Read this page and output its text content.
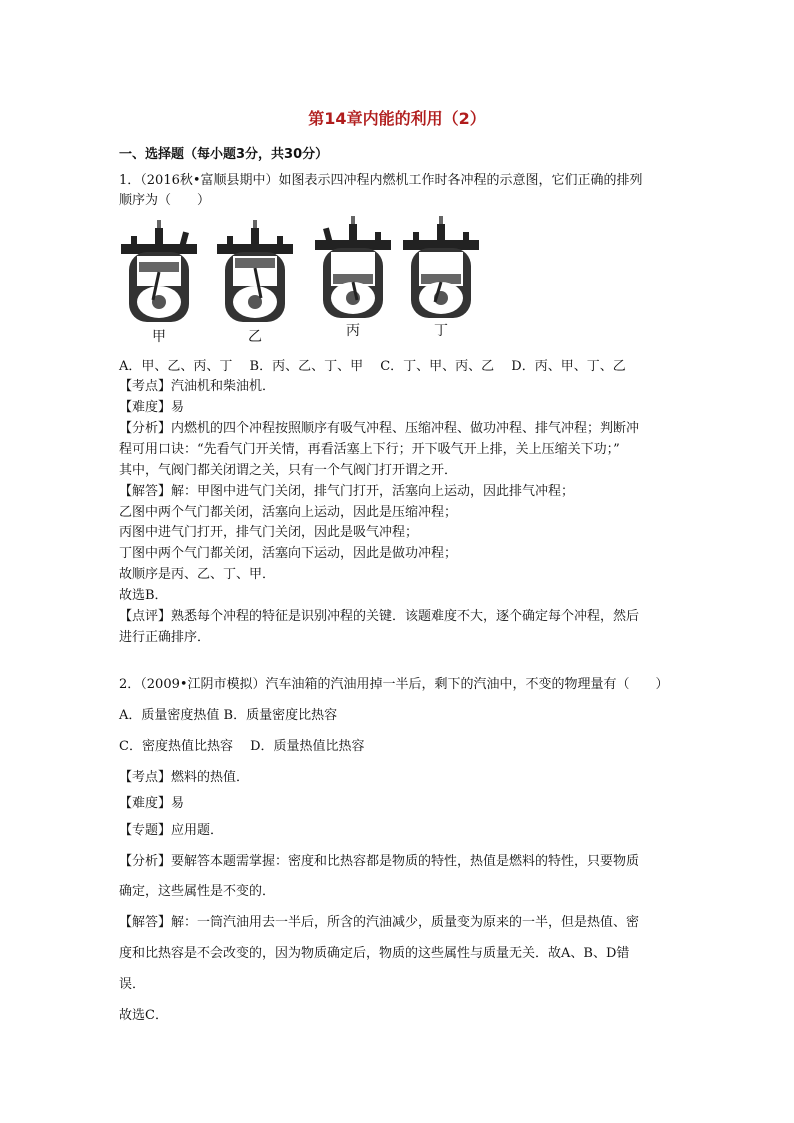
第14章内能的利用（2）
一、选择题（每小题3分，共30分）
1．（2016秋•富顺县期中）如图表示四冲程内燃机工作时各冲程的示意图，它们正确的排列
顺序为（　　）
甲	乙	丙	丁
A．甲、乙、丙、丁　 B．丙、乙、丁、甲　 C．丁、甲、丙、乙　 D．丙、甲、丁、乙
【考点】汽油机和柴油机．
【难度】易
【分析】内燃机的四个冲程按照顺序有吸气冲程、压缩冲程、做功冲程、排气冲程；判断冲
程可用口诀：“先看气门开关情，再看活塞上下行；开下吸气开上排，关上压缩关下功；”
其中，气阀门都关闭谓之关，只有一个气阀门打开谓之开．
【解答】解：甲图中进气门关闭，排气门打开，活塞向上运动，因此排气冲程；
乙图中两个气门都关闭，活塞向上运动，因此是压缩冲程；
丙图中进气门打开，排气门关闭，因此是吸气冲程；
丁图中两个气门都关闭，活塞向下运动，因此是做功冲程；
故顺序是丙、乙、丁、甲．
故选B．
【点评】熟悉每个冲程的特征是识别冲程的关键．该题难度不大，逐个确定每个冲程，然后
进行正确排序．
2．（2009•江阴市模拟）汽车油箱的汽油用掉一半后，剩下的汽油中，不变的物理量有（　　）
A．质量密度热值 B．质量密度比热容
C．密度热值比热容　 D．质量热值比热容
【考点】燃料的热值．
【难度】易
【专题】应用题．
【分析】要解答本题需掌握：密度和比热容都是物质的特性，热值是燃料的特性，只要物质
确定，这些属性是不变的．
【解答】解：一筒汽油用去一半后，所含的汽油减少，质量变为原来的一半，但是热值、密
度和比热容是不会改变的，因为物质确定后，物质的这些属性与质量无关．故A、B、D错
误．
故选C．
